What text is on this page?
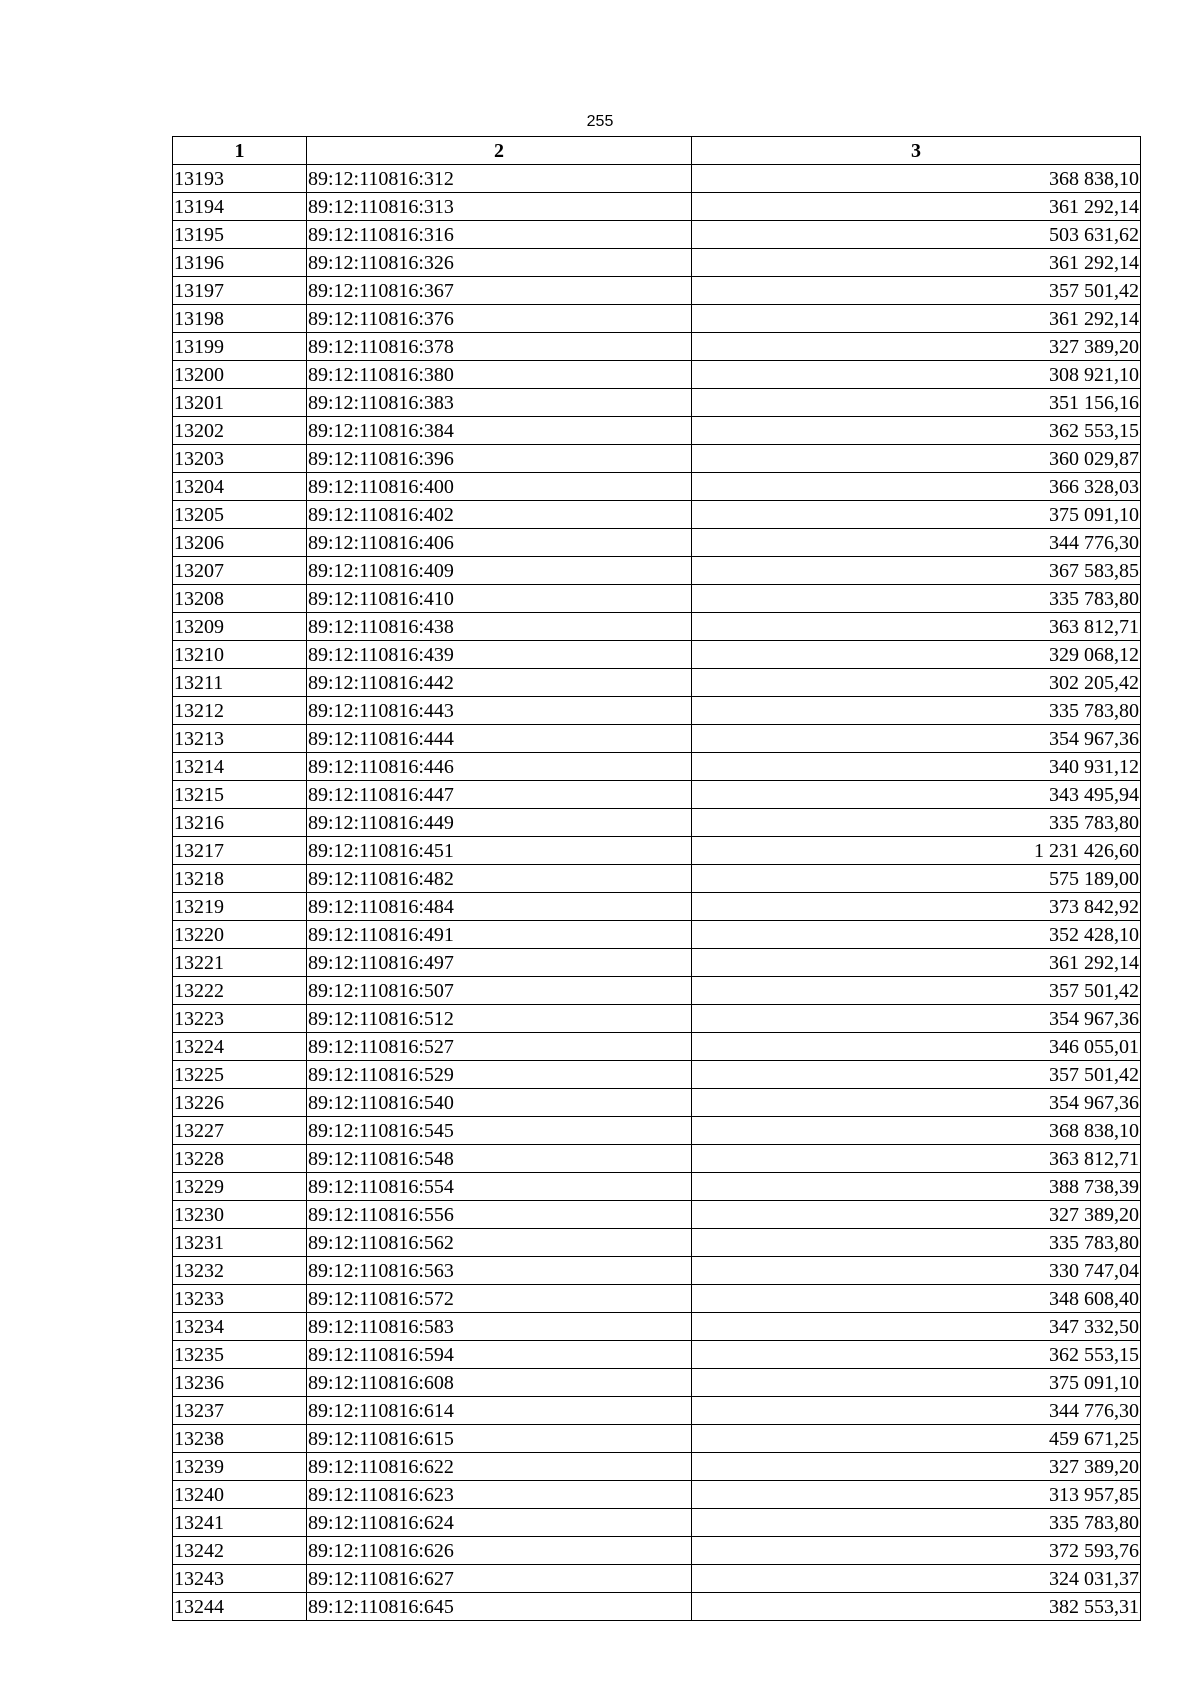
255
1	2	3
13193	89:12:110816:312	368 838,10
13194	89:12:110816:313	361 292,14
13195	89:12:110816:316	503 631,62
13196	89:12:110816:326	361 292,14
13197	89:12:110816:367	357 501,42
13198	89:12:110816:376	361 292,14
13199	89:12:110816:378	327 389,20
13200	89:12:110816:380	308 921,10
13201	89:12:110816:383	351 156,16
13202	89:12:110816:384	362 553,15
13203	89:12:110816:396	360 029,87
13204	89:12:110816:400	366 328,03
13205	89:12:110816:402	375 091,10
13206	89:12:110816:406	344 776,30
13207	89:12:110816:409	367 583,85
13208	89:12:110816:410	335 783,80
13209	89:12:110816:438	363 812,71
13210	89:12:110816:439	329 068,12
13211	89:12:110816:442	302 205,42
13212	89:12:110816:443	335 783,80
13213	89:12:110816:444	354 967,36
13214	89:12:110816:446	340 931,12
13215	89:12:110816:447	343 495,94
13216	89:12:110816:449	335 783,80
13217	89:12:110816:451	1 231 426,60
13218	89:12:110816:482	575 189,00
13219	89:12:110816:484	373 842,92
13220	89:12:110816:491	352 428,10
13221	89:12:110816:497	361 292,14
13222	89:12:110816:507	357 501,42
13223	89:12:110816:512	354 967,36
13224	89:12:110816:527	346 055,01
13225	89:12:110816:529	357 501,42
13226	89:12:110816:540	354 967,36
13227	89:12:110816:545	368 838,10
13228	89:12:110816:548	363 812,71
13229	89:12:110816:554	388 738,39
13230	89:12:110816:556	327 389,20
13231	89:12:110816:562	335 783,80
13232	89:12:110816:563	330 747,04
13233	89:12:110816:572	348 608,40
13234	89:12:110816:583	347 332,50
13235	89:12:110816:594	362 553,15
13236	89:12:110816:608	375 091,10
13237	89:12:110816:614	344 776,30
13238	89:12:110816:615	459 671,25
13239	89:12:110816:622	327 389,20
13240	89:12:110816:623	313 957,85
13241	89:12:110816:624	335 783,80
13242	89:12:110816:626	372 593,76
13243	89:12:110816:627	324 031,37
13244	89:12:110816:645	382 553,31
